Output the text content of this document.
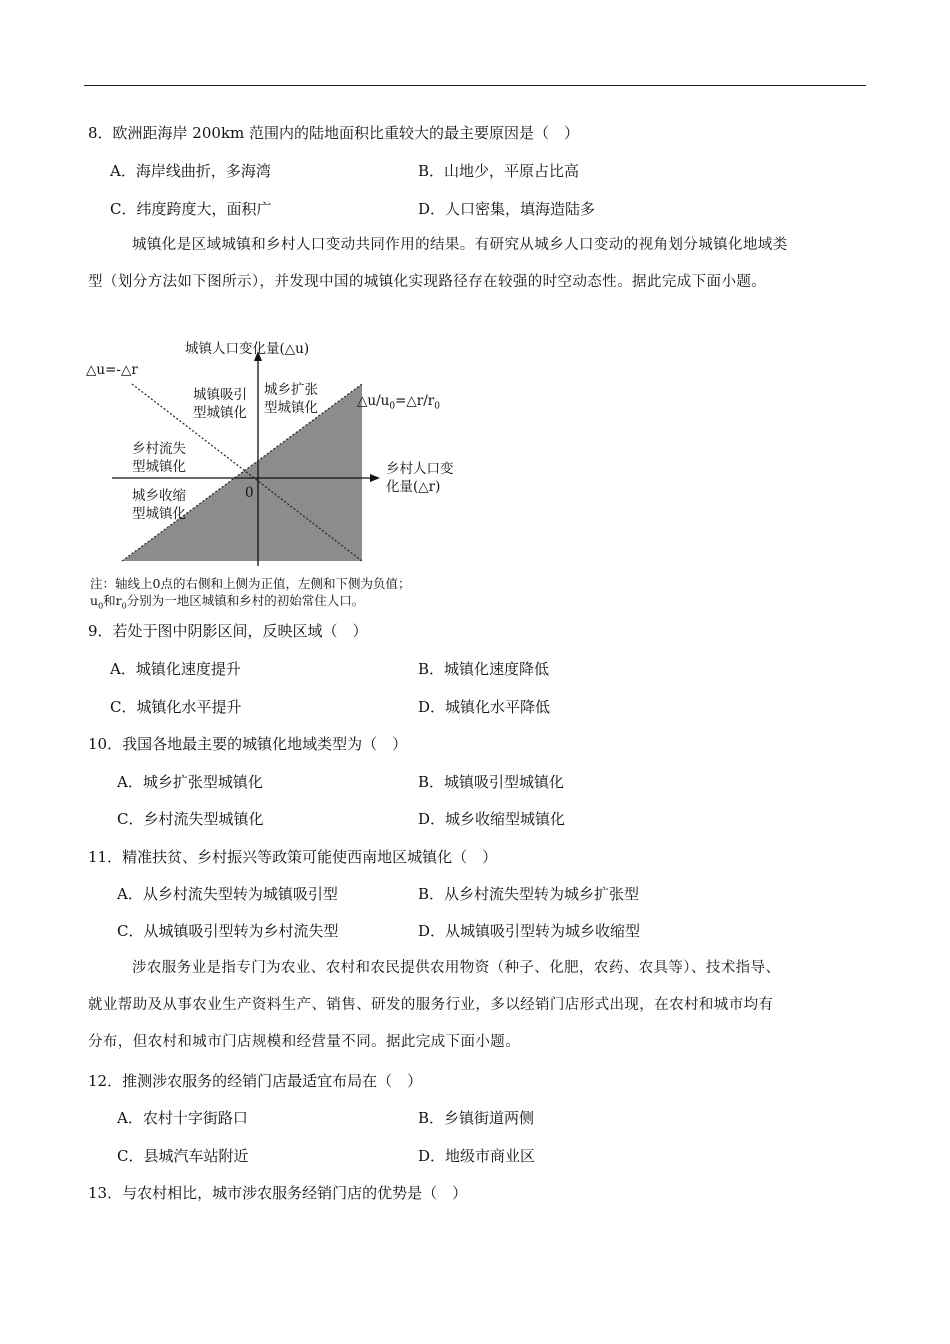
8．欧洲距海岸 200km 范围内的陆地面积比重较大的最主要原因是（　）
A．海岸线曲折，多海湾	B．山地少，平原占比高
C．纬度跨度大，面积广	D．人口密集，填海造陆多
城镇化是区域城镇和乡村人口变动共同作用的结果。有研究从城乡人口变动的视角划分城镇化地域类
型（划分方法如下图所示），并发现中国的城镇化实现路径存在较强的时空动态性。据此完成下面小题。
城镇人口变化量(△u)
△u=-△r
$\triangle u/u_0=\triangle r/r_0$
城镇吸引
型城镇化
城乡扩张
型城镇化
乡村流失
型城镇化
城乡收缩
型城镇化
0
乡村人口变
化量(△r)
注：轴线上0点的右侧和上侧为正值，左侧和下侧为负值；
$u_0$和$r_0$分别为一地区城镇和乡村的初始常住人口。
9．若处于图中阴影区间，反映区域（　）
A．城镇化速度提升	B．城镇化速度降低
C．城镇化水平提升	D．城镇化水平降低
10．我国各地最主要的城镇化地域类型为（　）
A．城乡扩张型城镇化	B．城镇吸引型城镇化
C．乡村流失型城镇化	D．城乡收缩型城镇化
11．精准扶贫、乡村振兴等政策可能使西南地区城镇化（　）
A．从乡村流失型转为城镇吸引型	B．从乡村流失型转为城乡扩张型
C．从城镇吸引型转为乡村流失型	D．从城镇吸引型转为城乡收缩型
涉农服务业是指专门为农业、农村和农民提供农用物资（种子、化肥，农药、农具等）、技术指导、
就业帮助及从事农业生产资料生产、销售、研发的服务行业，多以经销门店形式出现，在农村和城市均有
分布，但农村和城市门店规模和经营量不同。据此完成下面小题。
12．推测涉农服务的经销门店最适宜布局在（　）
A．农村十字街路口	B．乡镇街道两侧
C．县城汽车站附近	D．地级市商业区
13．与农村相比，城市涉农服务经销门店的优势是（　）
